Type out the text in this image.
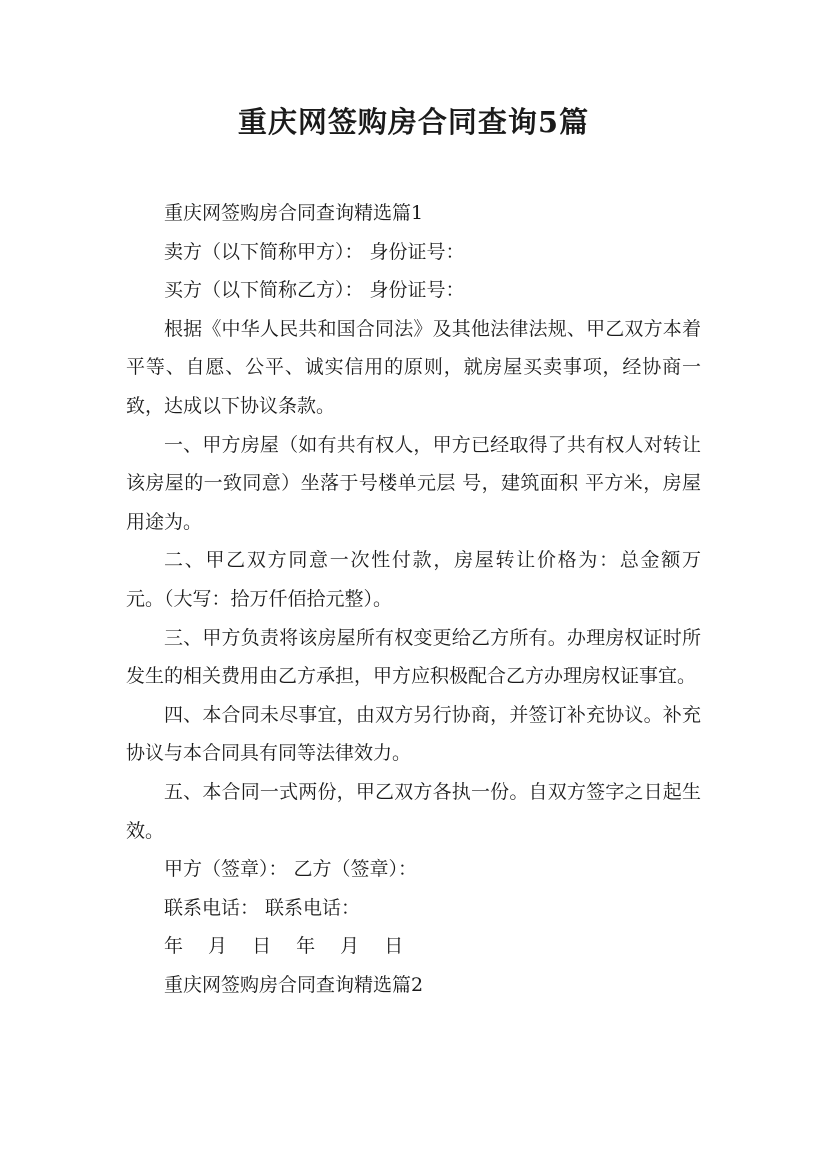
重庆网签购房合同查询5篇

重庆网签购房合同查询精选篇1

卖方（以下简称甲方）： 身份证号：

买方（以下简称乙方）： 身份证号：

根据《中华人民共和国合同法》及其他法律法规、甲乙双方本着平等、自愿、公平、诚实信用的原则，就房屋买卖事项，经协商一致，达成以下协议条款。

一、甲方房屋（如有共有权人，甲方已经取得了共有权人对转让该房屋的一致同意）坐落于号楼单元层 号，建筑面积 平方米，房屋用途为。

二、甲乙双方同意一次性付款，房屋转让价格为：总金额万 元。（大写：拾万仟佰拾元整）。

三、甲方负责将该房屋所有权变更给乙方所有。办理房权证时所发生的相关费用由乙方承担，甲方应积极配合乙方办理房权证事宜。

四、本合同未尽事宜，由双方另行协商，并签订补充协议。补充协议与本合同具有同等法律效力。

五、本合同一式两份，甲乙双方各执一份。自双方签字之日起生效。

甲方（签章）： 乙方（签章）：

联系电话： 联系电话：

年 月 日 年 月 日

重庆网签购房合同查询精选篇2
